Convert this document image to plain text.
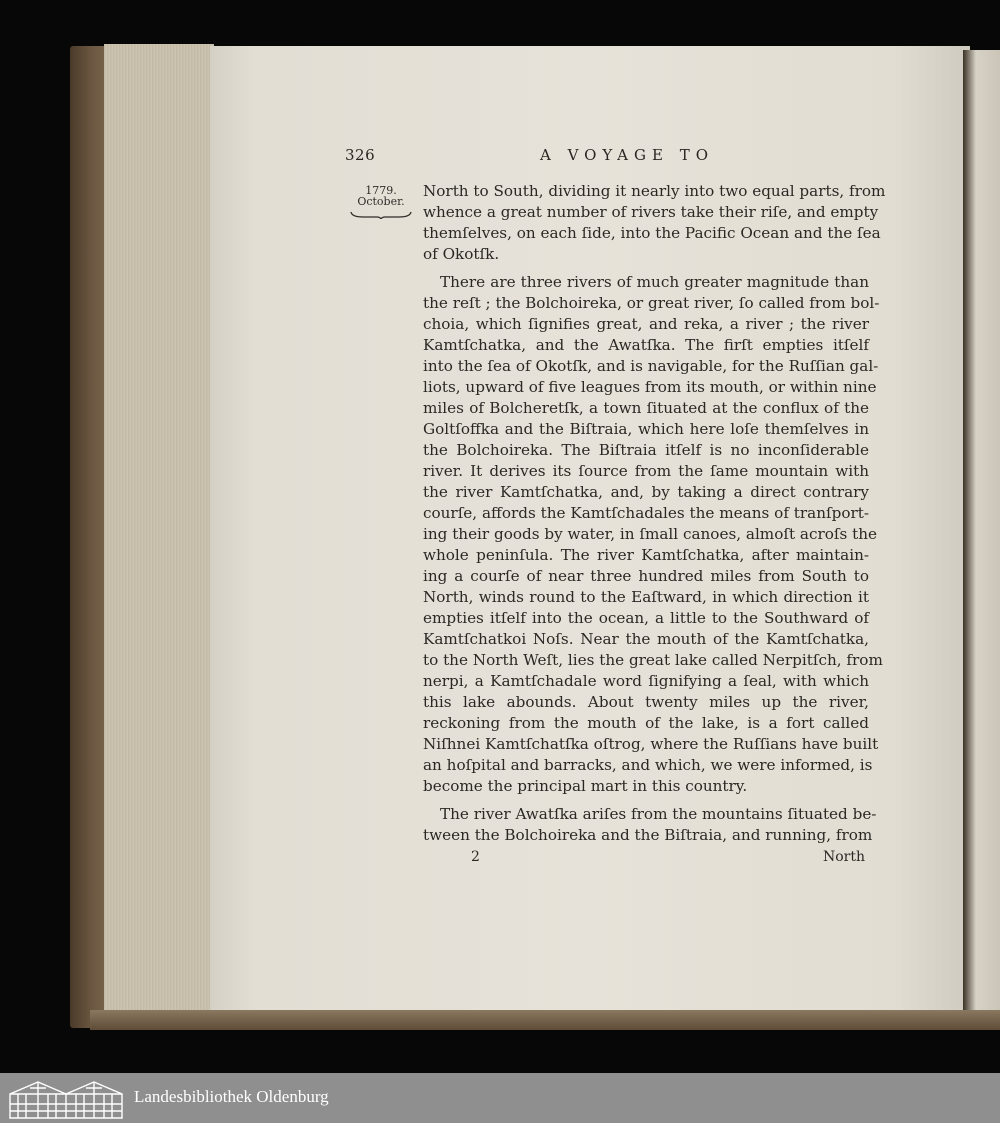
326	A VOYAGE TO
1779.
October.

North to South, dividing it nearly into two equal parts, from
whence a great number of rivers take their riſe, and empty
themſelves, on each ſide, into the Pacific Ocean and the ſea
of Okotſk.

There are three rivers of much greater magnitude than
the reſt ; the Bolchoireka, or great river, ſo called from bol-
choia, which ſignifies great, and reka, a river ; the river
Kamtſchatka, and the Awatſka. The firſt empties itſelf
into the ſea of Okotſk, and is navigable, for the Ruſſian gal-
liots, upward of five leagues from its mouth, or within nine
miles of Bolcheretſk, a town ſituated at the conflux of the
Goltſoffka and the Biſtraia, which here loſe themſelves in
the Bolchoireka. The Biſtraia itſelf is no inconſiderable
river. It derives its ſource from the ſame mountain with
the river Kamtſchatka, and, by taking a direct contrary
courſe, affords the Kamtſchadales the means of tranſport-
ing their goods by water, in ſmall canoes, almoſt acroſs the
whole peninſula. The river Kamtſchatka, after maintain-
ing a courſe of near three hundred miles from South to
North, winds round to the Eaſtward, in which direction it
empties itſelf into the ocean, a little to the Southward of
Kamtſchatkoi Noſs. Near the mouth of the Kamtſchatka,
to the North Weſt, lies the great lake called Nerpitſch, from
nerpi, a Kamtſchadale word ſignifying a ſeal, with which
this lake abounds. About twenty miles up the river,
reckoning from the mouth of the lake, is a fort called
Niſhnei Kamtſchatſka oſtrog, where the Ruſſians have built
an hoſpital and barracks, and which, we were informed, is
become the principal mart in this country.

The river Awatſka ariſes from the mountains ſituated be-
tween the Bolchoireka and the Biſtraia, and running, from

2	North
Landesbibliothek Oldenburg
